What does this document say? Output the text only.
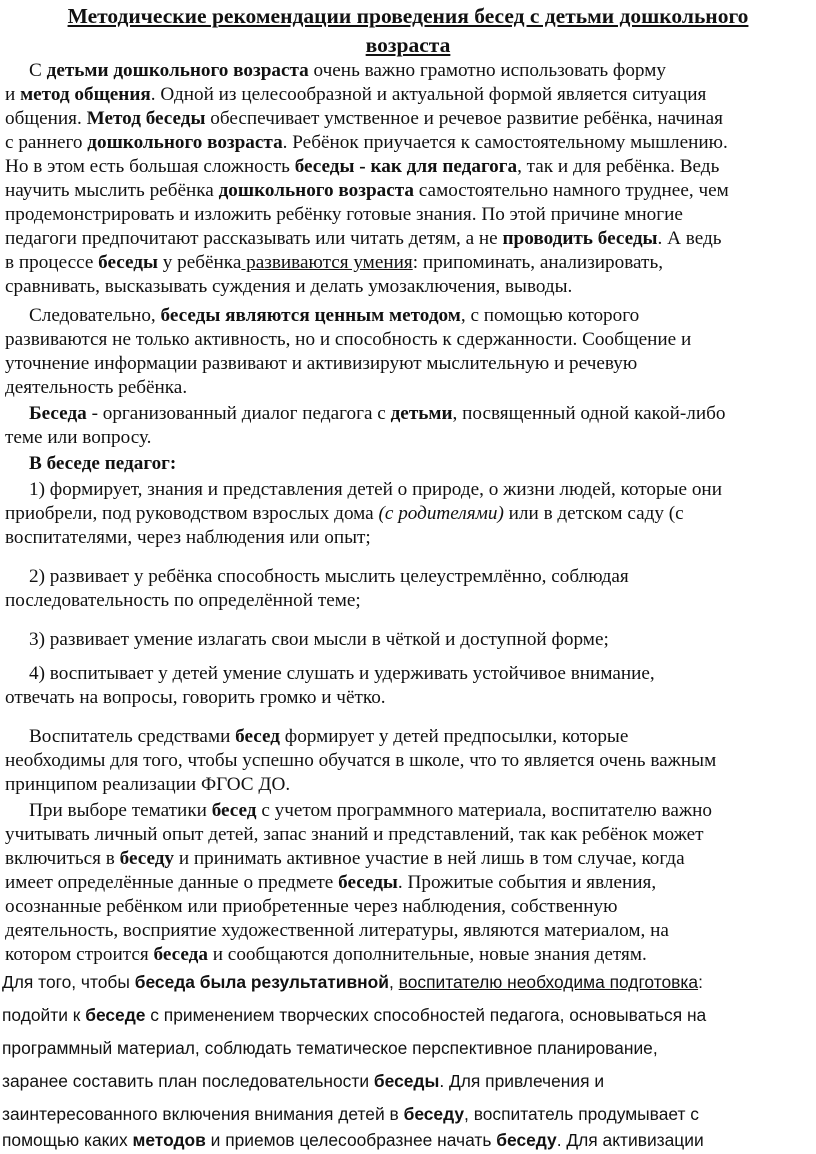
Методические рекомендации проведения бесед с детьми дошкольного
возраста
С детьми дошкольного возраста очень важно грамотно использовать форму
и метод общения. Одной из целесообразной и актуальной формой является ситуация
общения. Метод беседы обеспечивает умственное и речевое развитие ребёнка, начиная
с раннего дошкольного возраста. Ребёнок приучается к самостоятельному мышлению.
Но в этом есть большая сложность беседы - как для педагога, так и для ребёнка. Ведь
научить мыслить ребёнка дошкольного возраста самостоятельно намного труднее, чем
продемонстрировать и изложить ребёнку готовые знания. По этой причине многие
педагоги предпочитают рассказывать или читать детям, а не проводить беседы. А ведь
в процессе беседы у ребёнка развиваются умения: припоминать, анализировать,
сравнивать, высказывать суждения и делать умозаключения, выводы.
Следовательно, беседы являются ценным методом, с помощью которого
развиваются не только активность, но и способность к сдержанности. Сообщение и
уточнение информации развивают и активизируют мыслительную и речевую
деятельность ребёнка.
Беседа - организованный диалог педагога с детьми, посвященный одной какой-либо
теме или вопросу.
В беседе педагог:
1) формирует, знания и представления детей о природе, о жизни людей, которые они
приобрели, под руководством взрослых дома (с родителями) или в детском саду (с
воспитателями, через наблюдения или опыт;
2) развивает у ребёнка способность мыслить целеустремлённо, соблюдая
последовательность по определённой теме;
3) развивает умение излагать свои мысли в чёткой и доступной форме;
4) воспитывает у детей умение слушать и удерживать устойчивое внимание,
отвечать на вопросы, говорить громко и чётко.
Воспитатель средствами бесед формирует у детей предпосылки, которые
необходимы для того, чтобы успешно обучатся в школе, что то является очень важным
принципом реализации ФГОС ДО.
При выборе тематики бесед с учетом программного материала, воспитателю важно
учитывать личный опыт детей, запас знаний и представлений, так как ребёнок может
включиться в беседу и принимать активное участие в ней лишь в том случае, когда
имеет определённые данные о предмете беседы. Прожитые события и явления,
осознанные ребёнком или приобретенные через наблюдения, собственную
деятельность, восприятие художественной литературы, являются материалом, на
котором строится беседа и сообщаются дополнительные, новые знания детям.
Для того, чтобы беседа была результативной, воспитателю необходима подготовка:
подойти к беседе с применением творческих способностей педагога, основываться на
программный материал, соблюдать тематическое перспективное планирование,
заранее составить план последовательности беседы. Для привлечения и
заинтересованного включения внимания детей в беседу, воспитатель продумывает с
помощью каких методов и приемов целесообразнее начать беседу. Для активизации
